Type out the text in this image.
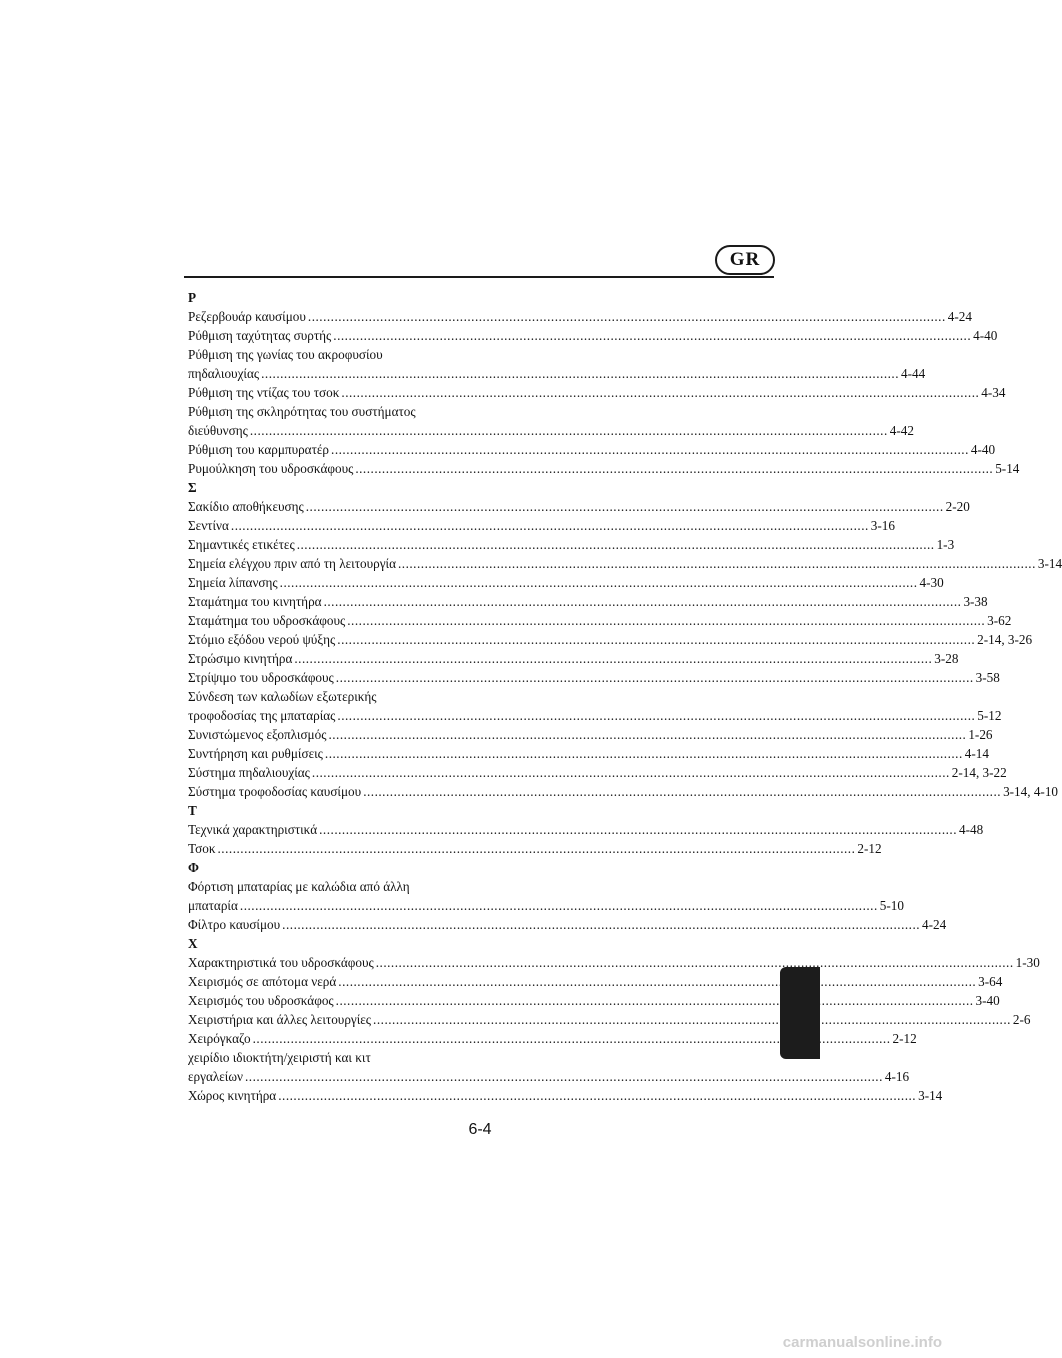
GR
Ρ
Ρεζερβουάρ καυσίμου .....	4-24
Ρύθμιση ταχύτητας συρτής .....	4-40
Ρύθμιση της γωνίας του ακροφυσίου
πηδαλιουχίας .....	4-44
Ρύθμιση της ντίζας του τσοκ .....	4-34
Ρύθμιση της σκληρότητας του συστήματος
διεύθυνσης .....	4-42
Ρύθμιση του καρμπυρατέρ .....	4-40
Ρυμούλκηση του υδροσκάφους .....	5-14
Σ
Σακίδιο αποθήκευσης .....	2-20
Σεντίνα .....	3-16
Σημαντικές ετικέτες .....	1-3
Σημεία ελέγχου πριν από τη λειτουργία .....	3-14
Σημεία λίπανσης .....	4-30
Σταμάτημα του κινητήρα .....	3-38
Σταμάτημα του υδροσκάφους .....	3-62
Στόμιο εξόδου νερού ψύξης .....	2-14, 3-26
Στρώσιμο κινητήρα .....	3-28
Στρίψιμο του υδροσκάφους .....	3-58
Σύνδεση των καλωδίων εξωτερικής
τροφοδοσίας της μπαταρίας .....	5-12
Συνιστώμενος εξοπλισμός .....	1-26
Συντήρηση και ρυθμίσεις .....	4-14
Σύστημα πηδαλιουχίας .....	2-14, 3-22
Σύστημα τροφοδοσίας καυσίμου .....	3-14, 4-10
Τ
Τεχνικά χαρακτηριστικά .....	4-48
Τσοκ .....	2-12
Φ
Φόρτιση μπαταρίας με καλώδια από άλλη
μπαταρία .....	5-10
Φίλτρο καυσίμου .....	4-24
Χ
Χαρακτηριστικά του υδροσκάφους .....	1-30
Χειρισμός σε απότομα νερά .....	3-64
Χειρισμός του υδροσκάφος .....	3-40
Χειριστήρια και άλλες λειτουργίες .....	2-6
Χειρόγκαζο .....	2-12
χειρίδιο ιδιοκτήτη/χειριστή και κιτ
εργαλείων .....	4-16
Χώρος κινητήρα .....	3-14
6-4
carmanualsonline.info
